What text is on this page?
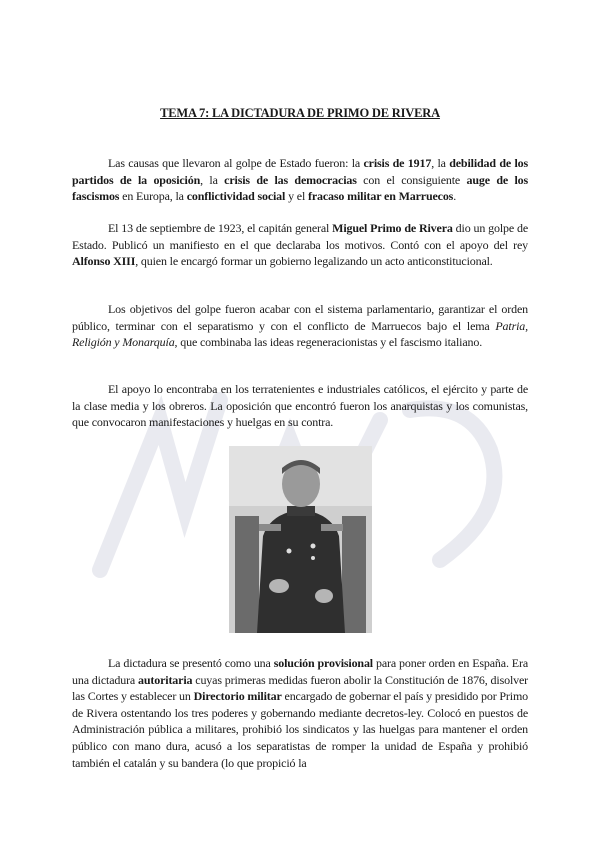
TEMA 7: LA DICTADURA DE PRIMO DE RIVERA

Las causas que llevaron al golpe de Estado fueron: la crisis de 1917, la debilidad de los partidos de la oposición, la crisis de las democracias con el consiguiente auge de los fascismos en Europa, la conflictividad social y el fracaso militar en Marruecos.

El 13 de septiembre de 1923, el capitán general Miguel Primo de Rivera dio un golpe de Estado. Publicó un manifiesto en el que declaraba los motivos. Contó con el apoyo del rey Alfonso XIII, quien le encargó formar un gobierno legalizando un acto anticonstitucional.

Los objetivos del golpe fueron acabar con el sistema parlamentario, garantizar el orden público, terminar con el separatismo y con el conflicto de Marruecos bajo el lema Patria, Religión y Monarquía, que combinaba las ideas regeneracionistas y el fascismo italiano.

El apoyo lo encontraba en los terratenientes e industriales católicos, el ejército y parte de la clase media y los obreros. La oposición que encontró fueron los anarquistas y los comunistas, que convocaron manifestaciones y huelgas en su contra.

La dictadura se presentó como una solución provisional para poner orden en España. Era una dictadura autoritaria cuyas primeras medidas fueron abolir la Constitución de 1876, disolver las Cortes y establecer un Directorio militar encargado de gobernar el país y presidido por Primo de Rivera ostentando los tres poderes y gobernando mediante decretos-ley. Colocó en puestos de Administración pública a militares, prohibió los sindicatos y las huelgas para mantener el orden público con mano dura, acusó a los separatistas de romper la unidad de España y prohibió también el catalán y su bandera (lo que propició la
